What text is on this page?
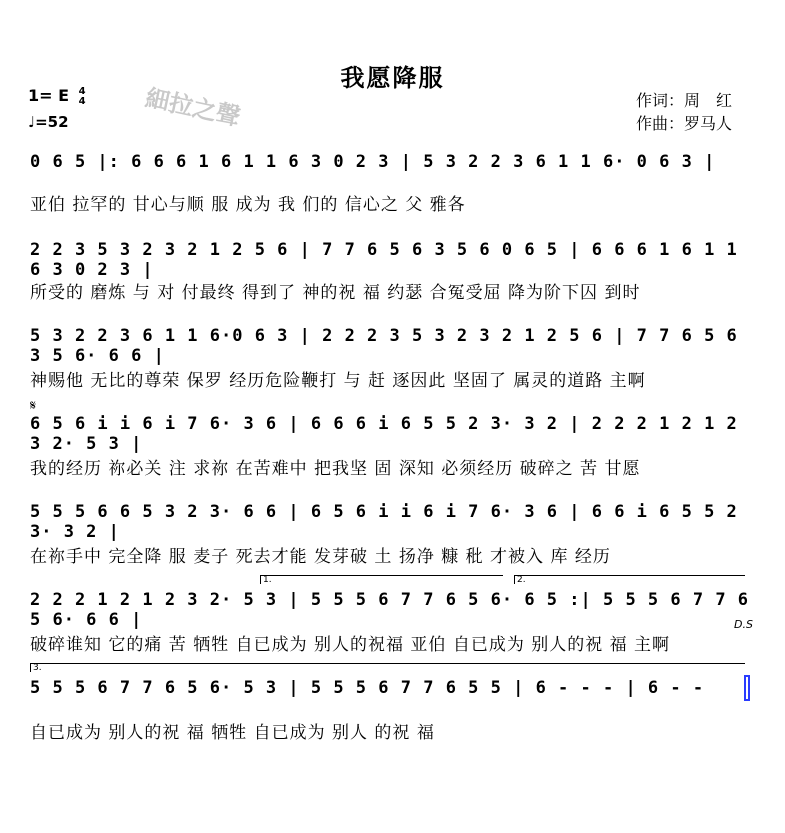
我愿降服
細拉之聲
1= E 4
4
♩=52
作词：周　红
作曲：罗马人
0 6 5 |: 6 6 6 1 6 1 1 6 3 0 2 3 | 5 3 2 2 3 6 1 1 6· 0 6 3 |
亚伯 拉罕的 甘心与顺 服 成为 我 们的 信心之 父 雅各
2 2 3 5 3 2 3 2 1 2 5 6 | 7 7 6 5 6 3 5 6 0 6 5 | 6 6 6 1 6 1 1 6 3 0 2 3 |
所受的 磨炼 与 对 付最终 得到了 神的祝 福 约瑟 合冤受屈 降为阶下囚 到时
5 3 2 2 3 6 1 1 6·0 6 3 | 2 2 2 3 5 3 2 3 2 1 2 5 6 | 7 7 6 5 6 3 5 6· 6 6 |
神赐他 无比的尊荣 保罗 经历危险鞭打 与 赶 逐因此 坚固了 属灵的道路 主啊
𝄋
6 5 6 i i 6 i 7 6· 3 6 | 6 6 6 i 6 5 5 2 3· 3 2 | 2 2 2 1 2 1 2 3 2· 5 3 |
我的经历 祢必关 注 求祢 在苦难中 把我坚 固 深知 必须经历 破碎之 苦 甘愿
5 5 5 6 6 5 3 2 3· 6 6 | 6 5 6 i i 6 i 7 6· 3 6 | 6 6 i 6 5 5 2 3· 3 2 |
在祢手中 完全降 服 麦子 死去才能 发芽破 土 扬净 糠 秕 才被入 库 经历
1.	2.
2 2 2 1 2 1 2 3 2· 5 3 | 5 5 5 6 7 7 6 5 6· 6 5 :| 5 5 5 6 7 7 6 5 6· 6 6 |	D.S
破碎谁知 它的痛 苦 牺牲 自已成为 别人的祝福 亚伯 自已成为 别人的祝 福 主啊
3.
5 5 5 6 7 7 6 5 6· 5 3 | 5 5 5 6 7 7 6 5 5 | 6 - - - | 6 - -
自已成为 别人的祝 福 牺牲 自已成为 别人 的祝 福
